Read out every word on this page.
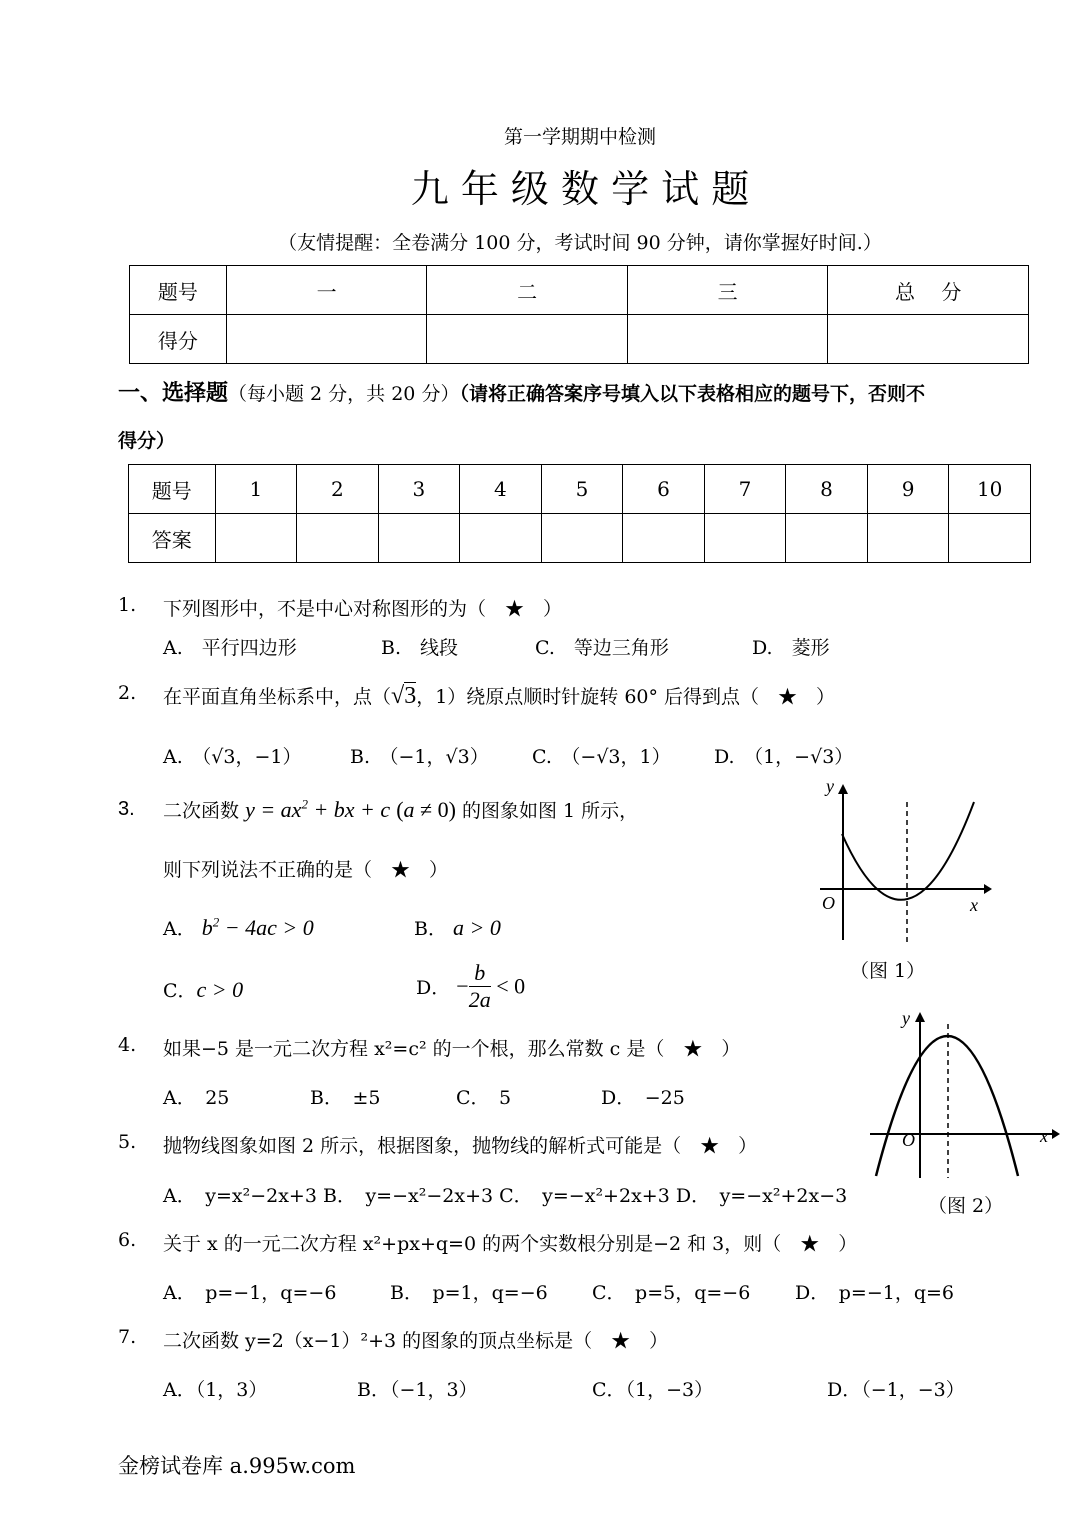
第一学期期中检测
九 年 级 数 学 试 题
（友情提醒：全卷满分 100 分，考试时间 90 分钟，请你掌握好时间.）
题号	一	二	三	总　 分
得分				
一、选择题（每小题 2 分，共 20 分）（请将正确答案序号填入以下表格相应的题号下，否则不
得分）
题号	1	2	3	4	5	6	7	8	9	10
答案										
1. 下列图形中，不是中心对称图形的为（　★　）
A.　平行四边形	B.　线段	C.　等边三角形	D.　菱形
2. 在平面直角坐标系中，点（√3，1）绕原点顺时针旋转 60° 后得到点（　★　）
A.　（√3，−1）	B.　（−1，√3） C.　（−√3，1） D.　（1，−√3）
3. 二次函数 $y = ax^2$ + bx + c (a ≠ 0) 的图象如图 1 所示，
则下列说法不正确的是（　★　）
A． $b^2 - 4ac > 0$	B． a > 0
C．c > 0	D． − $\frac{b}{2a} < 0$
y
O	x
（图 1）
4. 如果−5 是一元二次方程 x²=c² 的一个根，那么常数 c 是（　★　）
A．　25	B．　±5	C．　5	D．　−25
y
O	x
（图 2）
5. 抛物线图象如图 2 所示，根据图象，抛物线的解析式可能是（　★　）
A．　y=x²−2x+3 B．　y=−x²−2x+3 C．　y=−x²+2x+3 D．　y=−x²+2x−3
6. 关于 x 的一元二次方程 x²+px+q=0 的两个实数根分别是−2 和 3，则（　★　）
A．　p=−1，q=−6	B．　p=1，q=−6 C．　p=5，q=−6 D．　p=−1，q=6
7. 二次函数 y=2（x−1）²+3 的图象的顶点坐标是（　★　）
A．（1，3）	B．（−1，3）	C．（1，−3）	D．（−1，−3）
金榜试卷库 a.995w.com
